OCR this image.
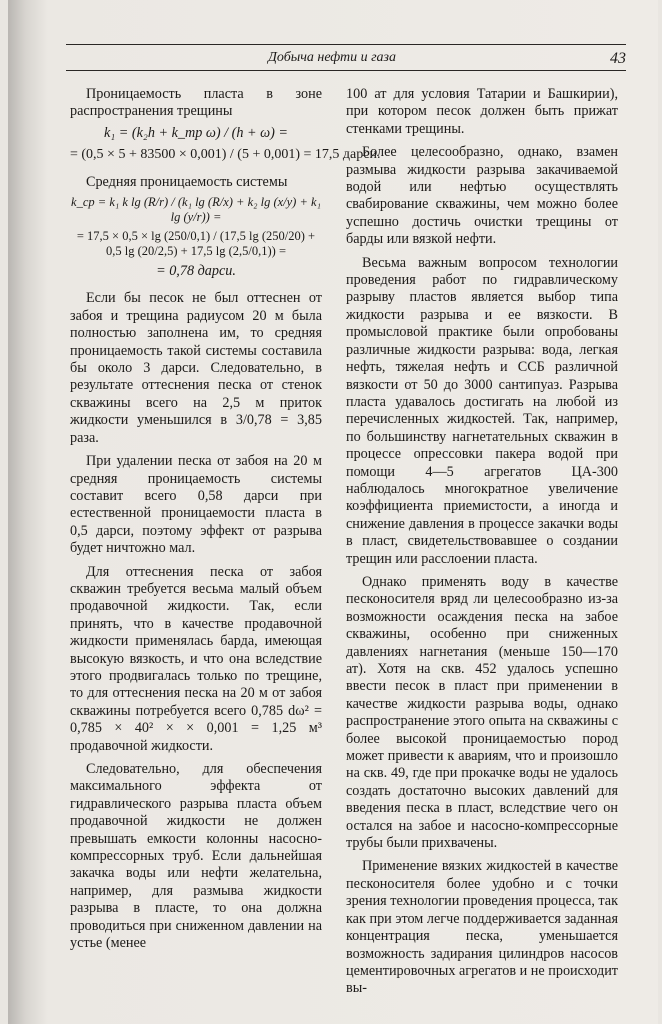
Добыча нефти и газа	43

Проницаемость пласта в зоне распространения трещины

k₁ = (k₂h + k_тр ω) / (h + ω) =
= (0,5 × 5 + 83500 × 0,001) / (5 + 0,001) = 17,5 дарси.

Средняя проницаемость системы

k_ср = k₁ k lg (R/r) / (k₁ lg (R/x) + k₂ lg (x/y) + k₁ lg (y/r)) =
= 17,5 × 0,5 × lg (250/0,1) / (17,5 lg (250/20) + 0,5 lg (20/2,5) + 17,5 lg (2,5/0,1)) =
= 0,78 дарси.

Если бы песок не был оттеснен от забоя и трещина радиусом 20 м была полностью заполнена им, то средняя проницаемость такой системы составила бы около 3 дарси. Следовательно, в результате оттеснения песка от стенок скважины всего на 2,5 м приток жидкости уменьшился в 3/0,78 = 3,85 раза.

При удалении песка от забоя на 20 м средняя проницаемость системы составит всего 0,58 дарси при естественной проницаемости пласта в 0,5 дарси, поэтому эффект от разрыва будет ничтожно мал.

Для оттеснения песка от забоя скважин требуется весьма малый объем продавочной жидкости. Так, если принять, что в качестве продавочной жидкости применялась барда, имеющая высокую вязкость, и что она вследствие этого продвигалась только по трещине, то для оттеснения песка на 20 м от забоя скважины потребуется всего 0,785 dω² = 0,785 × 40² × × 0,001 = 1,25 м³ продавочной жидкости.

Следовательно, для обеспечения максимального эффекта от гидравлического разрыва пласта объем продавочной жидкости не должен превышать емкости колонны насосно-компрессорных труб. Если дальнейшая закачка воды или нефти желательна, например, для размыва жидкости разрыва в пласте, то она должна проводиться при сниженном давлении на устье (менее

100 ат для условия Татарии и Башкирии), при котором песок должен быть прижат стенками трещины.

Более целесообразно, однако, взамен размыва жидкости разрыва закачиваемой водой или нефтью осуществлять свабирование скважины, чем можно более успешно достичь очистки трещины от барды или вязкой нефти.

Весьма важным вопросом технологии проведения работ по гидравлическому разрыву пластов является выбор типа жидкости разрыва и ее вязкости. В промысловой практике были опробованы различные жидкости разрыва: вода, легкая нефть, тяжелая нефть и ССБ различной вязкости от 50 до 3000 сантипуаз. Разрыва пласта удавалось достигать на любой из перечисленных жидкостей. Так, например, по большинству нагнетательных скважин в процессе опрессовки пакера водой при помощи 4—5 агрегатов ЦА-300 наблюдалось многократное увеличение коэффициента приемистости, а иногда и снижение давления в процессе закачки воды в пласт, свидетельствовавшее о создании трещин или расслоении пласта.

Однако применять воду в качестве песконосителя вряд ли целесообразно из-за возможности осаждения песка на забое скважины, особенно при сниженных давлениях нагнетания (меньше 150—170 ат). Хотя на скв. 452 удалось успешно ввести песок в пласт при применении в качестве жидкости разрыва воды, однако распространение этого опыта на скважины с более высокой проницаемостью пород может привести к авариям, что и произошло на скв. 49, где при прокачке воды не удалось создать достаточно высоких давлений для введения песка в пласт, вследствие чего он остался на забое и насосно-компрессорные трубы были прихвачены.

Применение вязких жидкостей в качестве песконосителя более удобно и с точки зрения технологии проведения процесса, так как при этом легче поддерживается заданная концентрация песка, уменьшается возможность задирания цилиндров насосов цементировочных агрегатов и не происходит вы-
